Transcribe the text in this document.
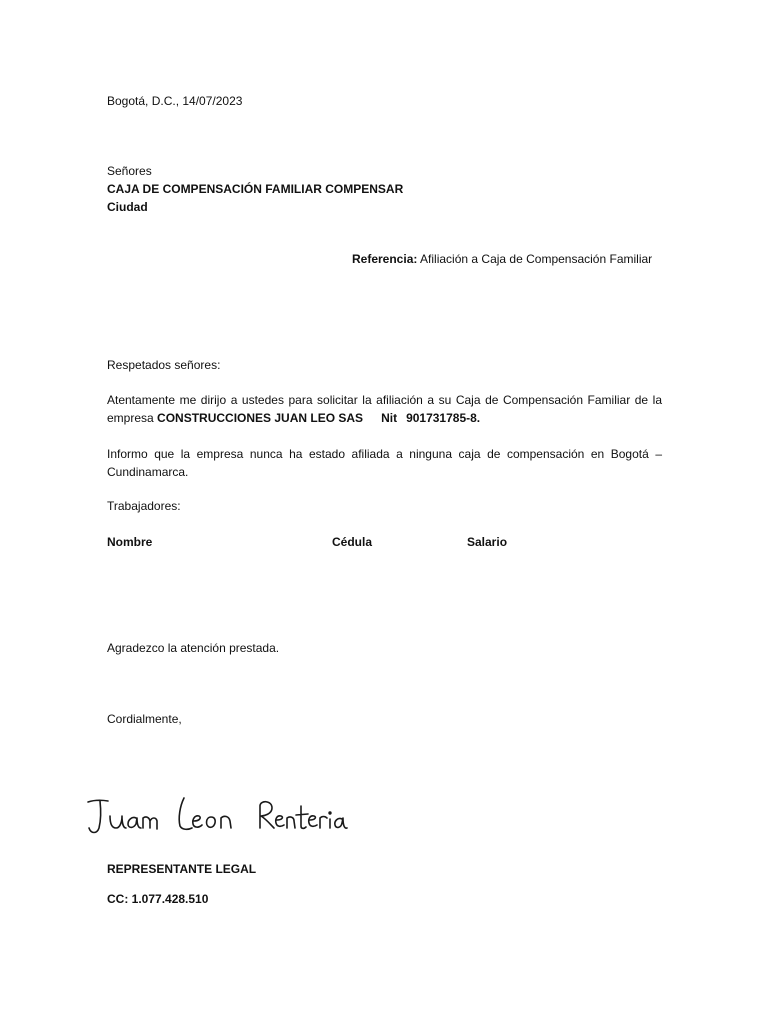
Bogotá, D.C., 14/07/2023
Señores
CAJA DE COMPENSACIÓN FAMILIAR COMPENSAR
Ciudad
Referencia: Afiliación a Caja de Compensación Familiar
Respetados señores:
Atentamente me dirijo a ustedes para solicitar la afiliación a su Caja de Compensación Familiar de la empresa CONSTRUCCIONES JUAN LEO SAS Nit 901731785-8.
Informo que la empresa nunca ha estado afiliada a ninguna caja de compensación en Bogotá – Cundinamarca.
Trabajadores:
Nombre	Cédula	Salario
Agradezco la atención prestada.
Cordialmente,
REPRESENTANTE LEGAL
CC: 1.077.428.510
